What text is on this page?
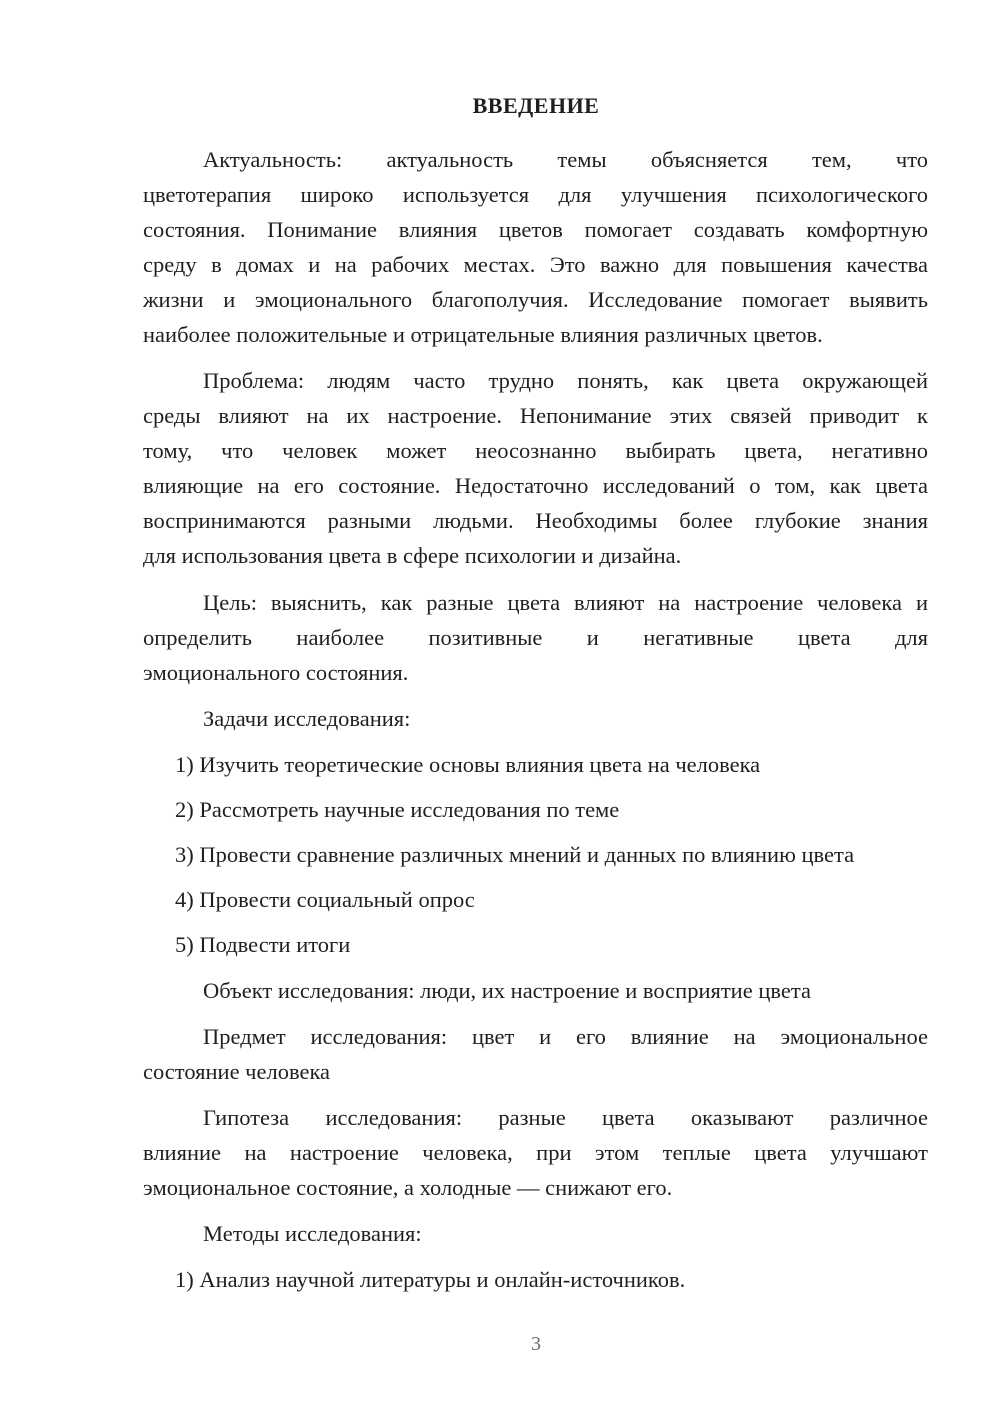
ВВЕДЕНИЕ
Актуальность: актуальность темы объясняется тем, что
цветотерапия широко используется для улучшения психологического
состояния. Понимание влияния цветов помогает создавать комфортную
среду в домах и на рабочих местах. Это важно для повышения качества
жизни и эмоционального благополучия. Исследование помогает выявить
наиболее положительные и отрицательные влияния различных цветов.
Проблема: людям часто трудно понять, как цвета окружающей
среды влияют на их настроение. Непонимание этих связей приводит к
тому, что человек может неосознанно выбирать цвета, негативно
влияющие на его состояние. Недостаточно исследований о том, как цвета
воспринимаются разными людьми. Необходимы более глубокие знания
для использования цвета в сфере психологии и дизайна.
Цель: выяснить, как разные цвета влияют на настроение человека и
определить наиболее позитивные и негативные цвета для
эмоционального состояния.
Задачи исследования:
1) Изучить теоретические основы влияния цвета на человека
2) Рассмотреть научные исследования по теме
3) Провести сравнение различных мнений и данных по влиянию цвета
4) Провести социальный опрос
5) Подвести итоги
Объект исследования: люди, их настроение и восприятие цвета
Предмет исследования: цвет и его влияние на эмоциональное
состояние человека
Гипотеза исследования: разные цвета оказывают различное
влияние на настроение человека, при этом теплые цвета улучшают
эмоциональное состояние, а холодные — снижают его.
Методы исследования:
1) Анализ научной литературы и онлайн-источников.
3
